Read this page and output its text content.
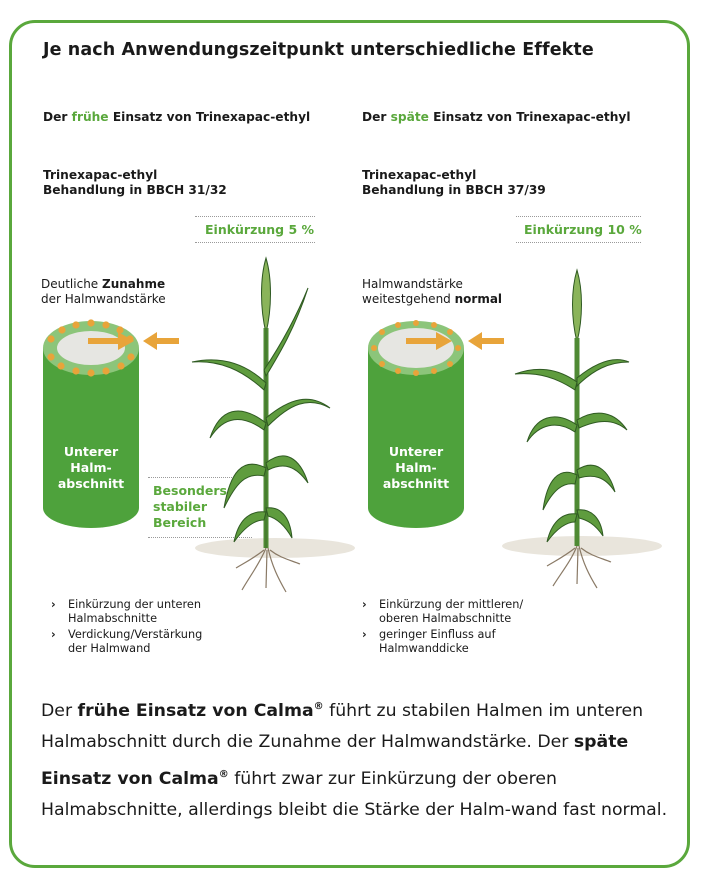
Je nach Anwendungszeitpunkt unterschiedliche Effekte
Der frühe Einsatz von Trinexapac-ethyl
Trinexapac-ethyl
Behandlung in BBCH 31/32
Einkürzung 5 %
Deutliche Zunahme
der Halmwandstärke
Unterer
Halm-
abschnitt	Besonders
stabiler
Bereich
› Einkürzung der unteren
Halmabschnitte
› Verdickung/Verstärkung
der Halmwand
Der späte Einsatz von Trinexapac-ethyl
Trinexapac-ethyl
Behandlung in BBCH 37/39
Einkürzung 10 %
Halmwandstärke
weitestgehend normal
Unterer
Halm-
abschnitt
› Einkürzung der mittleren/
oberen Halmabschnitte
› geringer Einfluss auf
Halmwanddicke
Der frühe Einsatz von Calma® führt zu stabilen Halmen im unteren Halmabschnitt durch die Zunahme der Halmwandstärke. Der späte Einsatz von Calma® führt zwar zur Einkürzung der oberen Halmabschnitte, allerdings bleibt die Stärke der Halm-wand fast normal.
